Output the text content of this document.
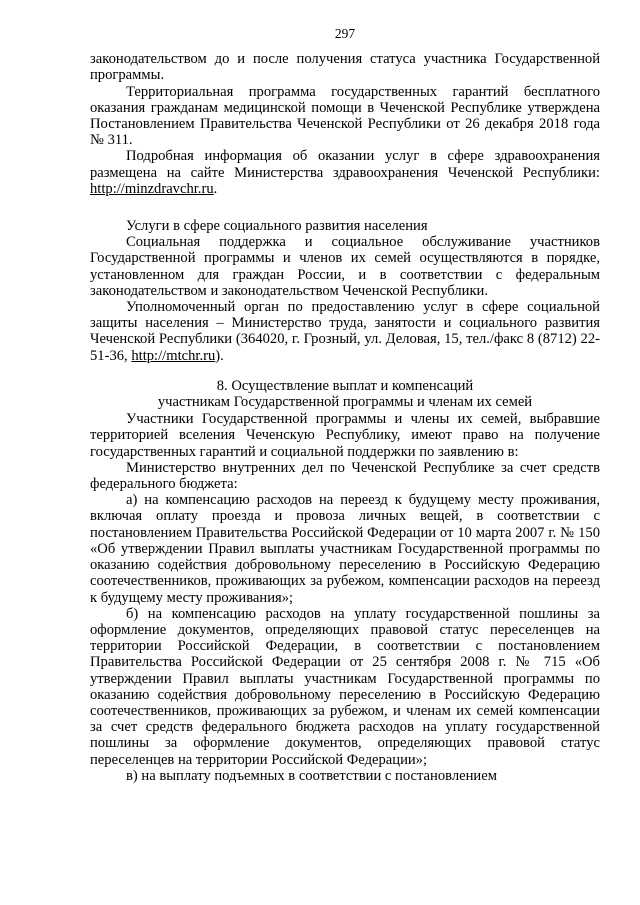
297

законодательством до и после получения статуса участника Государственной программы.

Территориальная программа государственных гарантий бесплатного оказания гражданам медицинской помощи в Чеченской Республике утверждена Постановлением Правительства Чеченской Республики от 26 декабря 2018 года № 311.

Подробная информация об оказании услуг в сфере здравоохранения размещена на сайте Министерства здравоохранения Чеченской Республики: http://minzdravchr.ru.

Услуги в сфере социального развития населения

Социальная поддержка и социальное обслуживание участников Государственной программы и членов их семей осуществляются в порядке, установленном для граждан России, и в соответствии с федеральным законодательством и законодательством Чеченской Республики.

Уполномоченный орган по предоставлению услуг в сфере социальной защиты населения – Министерство труда, занятости и социального развития Чеченской Республики (364020, г. Грозный, ул. Деловая, 15, тел./факс 8 (8712) 22-51-36, http://mtchr.ru).

8. Осуществление выплат и компенсаций
участникам Государственной программы и членам их семей

Участники Государственной программы и члены их семей, выбравшие территорией вселения Чеченскую Республику, имеют право на получение государственных гарантий и социальной поддержки по заявлению в:

Министерство внутренних дел по Чеченской Республике за счет средств федерального бюджета:

а) на компенсацию расходов на переезд к будущему месту проживания, включая оплату проезда и провоза личных вещей, в соответствии с постановлением Правительства Российской Федерации от 10 марта 2007 г. № 150 «Об утверждении Правил выплаты участникам Государственной программы по оказанию содействия добровольному переселению в Российскую Федерацию соотечественников, проживающих за рубежом, компенсации расходов на переезд к будущему месту проживания»;

б) на компенсацию расходов на уплату государственной пошлины за оформление документов, определяющих правовой статус переселенцев на территории Российской Федерации, в соответствии с постановлением Правительства Российской Федерации от 25 сентября 2008 г. № 715 «Об утверждении Правил выплаты участникам Государственной программы по оказанию содействия добровольному переселению в Российскую Федерацию соотечественников, проживающих за рубежом, и членам их семей компенсации за счет средств федерального бюджета расходов на уплату государственной пошлины за оформление документов, определяющих правовой статус переселенцев на территории Российской Федерации»;

в) на выплату подъемных в соответствии с постановлением
